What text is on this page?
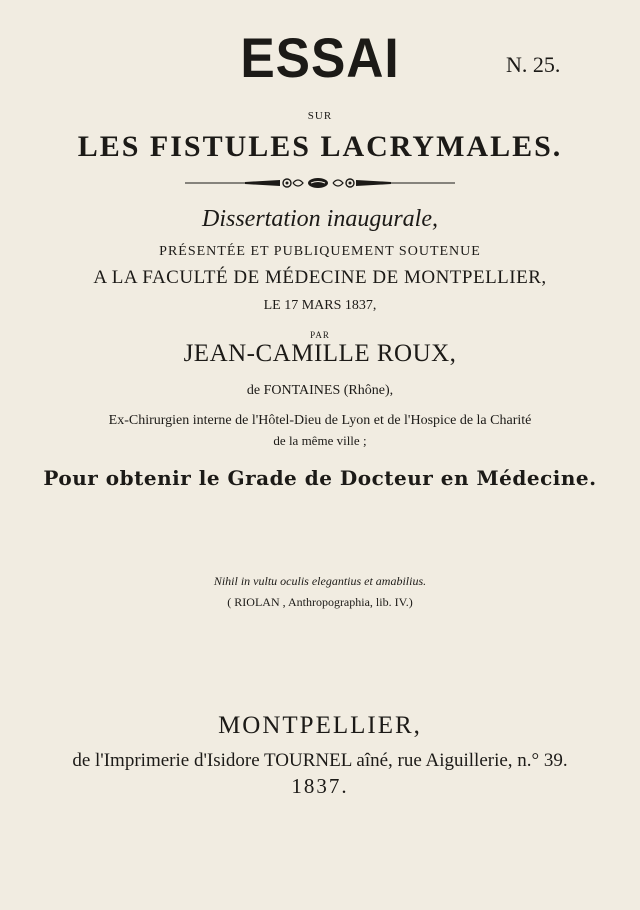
ESSAI	N. 25.
SUR
LES FISTULES LACRYMALES.
Dissertation inaugurale,
PRÉSENTÉE ET PUBLIQUEMENT SOUTENUE
A LA FACULTÉ DE MÉDECINE DE MONTPELLIER,
LE 17 MARS 1837,
PAR
JEAN-CAMILLE ROUX,
de FONTAINES (Rhône),
Ex-Chirurgien interne de l'Hôtel-Dieu de Lyon et de l'Hospice de la Charité
de la même ville ;
Pour obtenir le Grade de Docteur en Médecine.
Nihil in vultu oculis elegantius et amabilius.
( RIOLAN , Anthropographia, lib. IV.)
MONTPELLIER,
de l'Imprimerie d'Isidore TOURNEL aîné, rue Aiguillerie, n.° 39.
1837.
